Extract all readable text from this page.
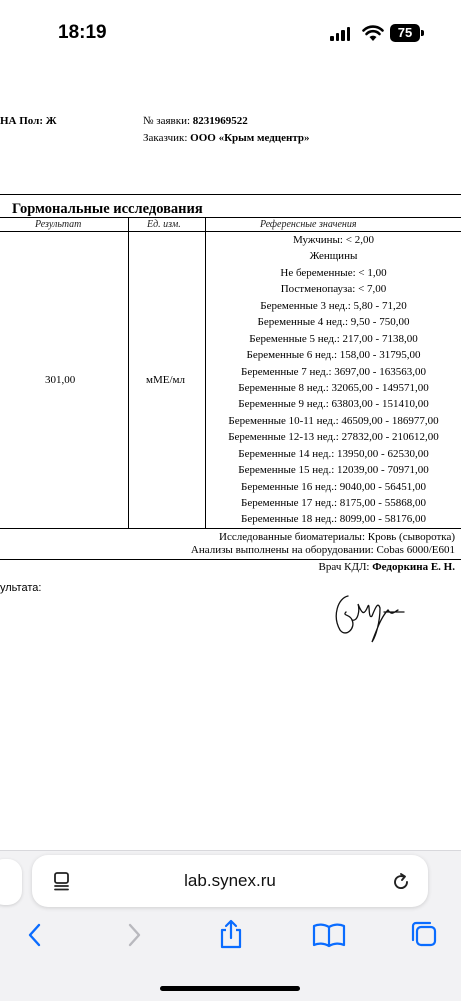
18:19	75
НА Пол: Ж	№ заявки: 8231969522
Заказчик: ООО «Крым медцентр»
Гормональные исследования
Результат	Ед. изм.	Референсные значения
301,00	мМЕ/мл
Мужчины: < 2,00
Женщины
Не беременные: < 1,00
Постменопауза: < 7,00
Беременные 3 нед.: 5,80 - 71,20
Беременные 4 нед.: 9,50 - 750,00
Беременные 5 нед.: 217,00 - 7138,00
Беременные 6 нед.: 158,00 - 31795,00
Беременные 7 нед.: 3697,00 - 163563,00
Беременные 8 нед.: 32065,00 - 149571,00
Беременные 9 нед.: 63803,00 - 151410,00
Беременные 10-11 нед.: 46509,00 - 186977,00
Беременные 12-13 нед.: 27832,00 - 210612,00
Беременные 14 нед.: 13950,00 - 62530,00
Беременные 15 нед.: 12039,00 - 70971,00
Беременные 16 нед.: 9040,00 - 56451,00
Беременные 17 нед.: 8175,00 - 55868,00
Беременные 18 нед.: 8099,00 - 58176,00
Исследованные биоматериалы: Кровь (сыворотка)
Анализы выполнены на оборудовании: Cobas 6000/E601
Врач КДЛ: Федоркина Е. Н.
ультата:
lab.synex.ru
